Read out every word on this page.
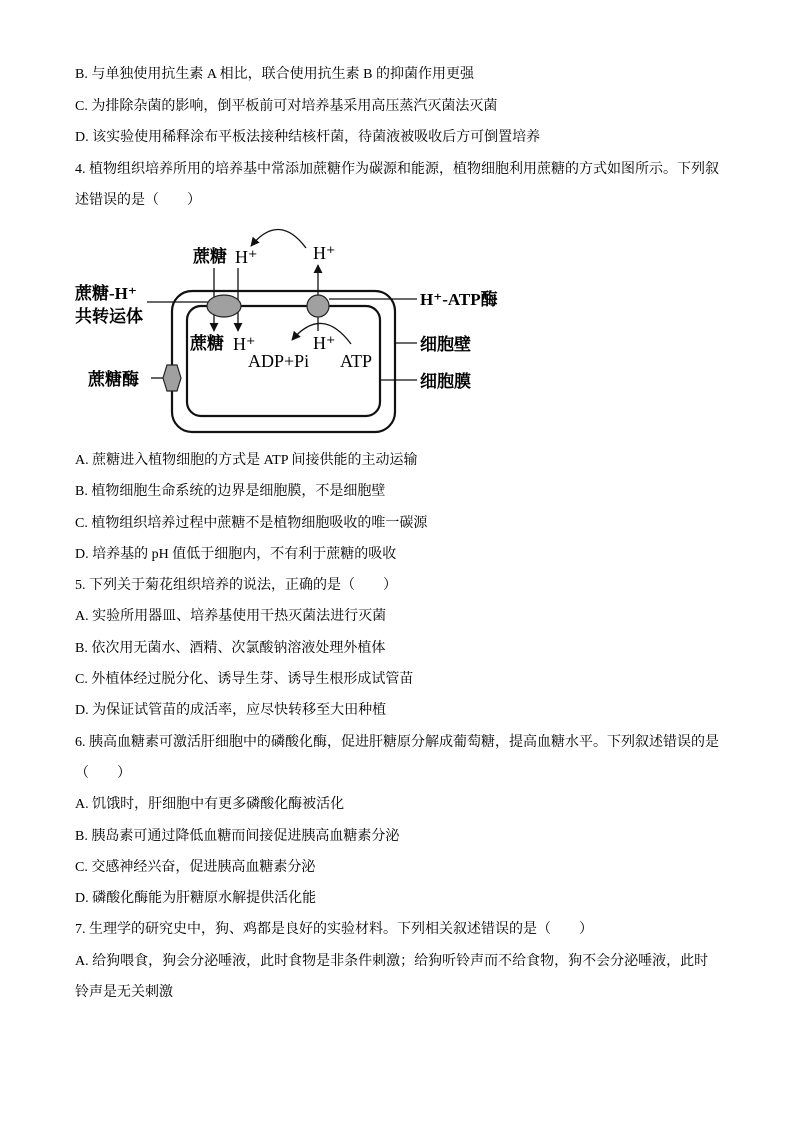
B. 与单独使用抗生素 A 相比，联合使用抗生素 B 的抑菌作用更强
C. 为排除杂菌的影响，倒平板前可对培养基采用高压蒸汽灭菌法灭菌
D. 该实验使用稀释涂布平板法接种结核杆菌，待菌液被吸收后方可倒置培养
4. 植物组织培养所用的培养基中常添加蔗糖作为碳源和能源，植物细胞利用蔗糖的方式如图所示。下列叙
述错误的是（　　）
蔗糖 H⁺	H⁺
蔗糖-H⁺
共转运体
H⁺-ATP酶
蔗糖 H⁺	H⁺
ADP+Pi ATP
细胞壁
蔗糖酶	细胞膜
A. 蔗糖进入植物细胞的方式是 ATP 间接供能的主动运输
B. 植物细胞生命系统的边界是细胞膜，不是细胞壁
C. 植物组织培养过程中蔗糖不是植物细胞吸收的唯一碳源
D. 培养基的 pH 值低于细胞内，不有利于蔗糖的吸收
5. 下列关于菊花组织培养的说法，正确的是（　　）
A. 实验所用器皿、培养基使用干热灭菌法进行灭菌
B. 依次用无菌水、酒精、次氯酸钠溶液处理外植体
C. 外植体经过脱分化、诱导生芽、诱导生根形成试管苗
D. 为保证试管苗的成活率，应尽快转移至大田种植
6. 胰高血糖素可激活肝细胞中的磷酸化酶，促进肝糖原分解成葡萄糖，提高血糖水平。下列叙述错误的是
（　　）
A. 饥饿时，肝细胞中有更多磷酸化酶被活化
B. 胰岛素可通过降低血糖而间接促进胰高血糖素分泌
C. 交感神经兴奋，促进胰高血糖素分泌
D. 磷酸化酶能为肝糖原水解提供活化能
7. 生理学的研究史中，狗、鸡都是良好的实验材料。下列相关叙述错误的是（　　）
A. 给狗喂食，狗会分泌唾液，此时食物是非条件刺激；给狗听铃声而不给食物，狗不会分泌唾液，此时
铃声是无关刺激
